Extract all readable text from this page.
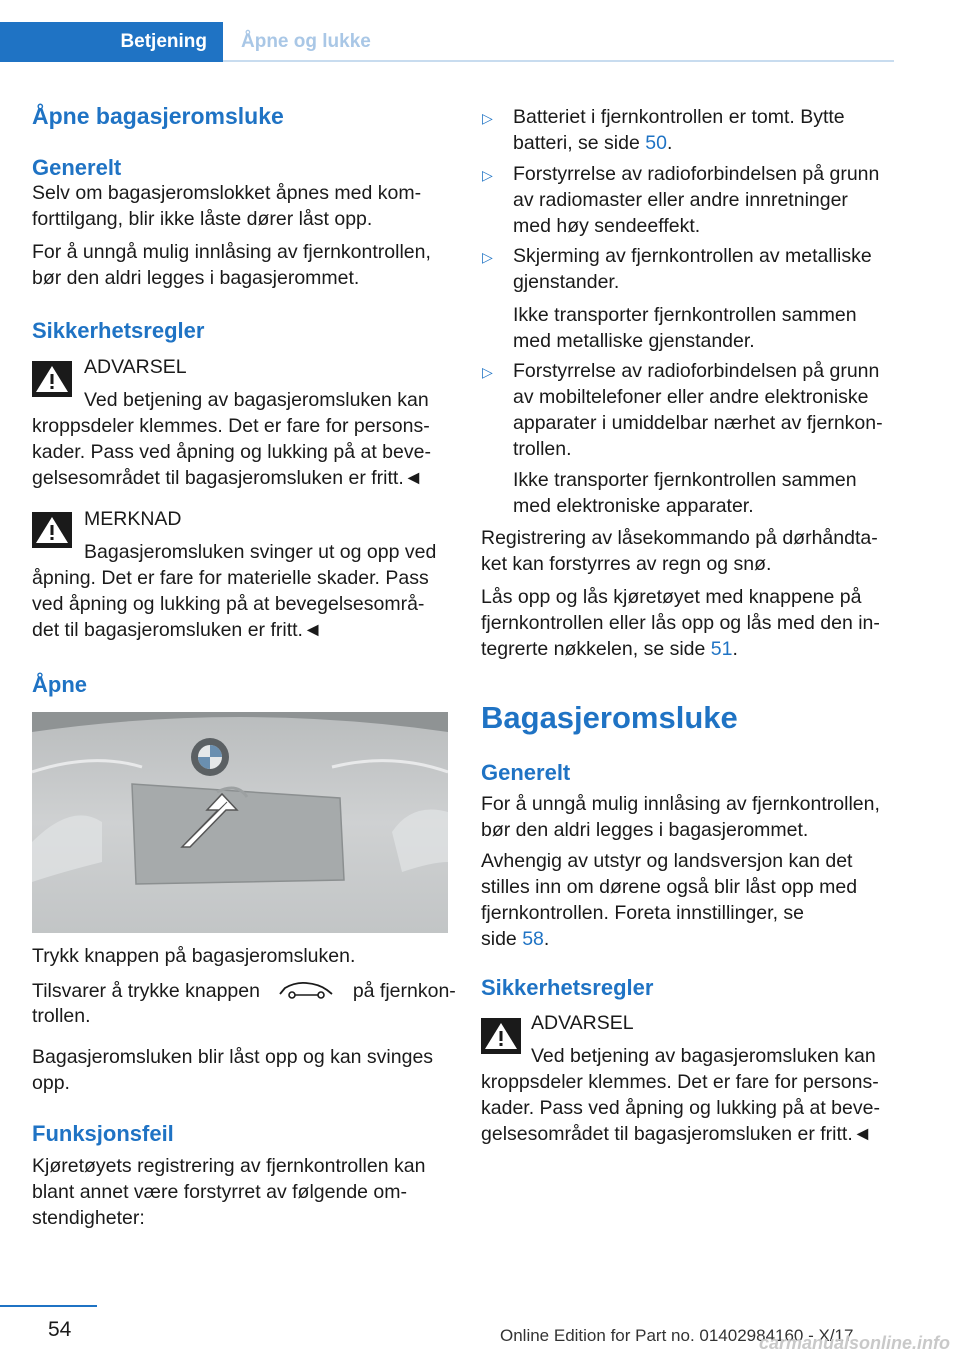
Betjening	Åpne og lukke
Åpne bagasjeromsluke
Generelt
Selv om bagasjeromslokket åpnes med kom-
forttilgang, blir ikke låste dører låst opp.
For å unngå mulig innlåsing av fjernkontrollen,
bør den aldri legges i bagasjerommet.
Sikkerhetsregler
ADVARSEL
Ved betjening av bagasjeromsluken kan
kroppsdeler klemmes. Det er fare for persons-
kader. Pass ved åpning og lukking på at beve-
gelsesområdet til bagasjeromsluken er fritt.◄
MERKNAD
Bagasjeromsluken svinger ut og opp ved
åpning. Det er fare for materielle skader. Pass
ved åpning og lukking på at bevegelsesområ-
det til bagasjeromsluken er fritt.◄
Åpne
Trykk knappen på bagasjeromsluken.
Tilsvarer å trykke knappen	på fjernkon-
trollen.
Bagasjeromsluken blir låst opp og kan svinges
opp.
Funksjonsfeil
Kjøretøyets registrering av fjernkontrollen kan
blant annet være forstyrret av følgende om-
stendigheter:
▷ Batteriet i fjernkontrollen er tomt. Bytte
batteri, se side 50.
▷ Forstyrrelse av radioforbindelsen på grunn
av radiomaster eller andre innretninger
med høy sendeeffekt.
▷ Skjerming av fjernkontrollen av metalliske
gjenstander.
Ikke transporter fjernkontrollen sammen
med metalliske gjenstander.
▷ Forstyrrelse av radioforbindelsen på grunn
av mobiltelefoner eller andre elektroniske
apparater i umiddelbar nærhet av fjernkon-
trollen.
Ikke transporter fjernkontrollen sammen
med elektroniske apparater.
Registrering av låsekommando på dørhåndta-
ket kan forstyrres av regn og snø.
Lås opp og lås kjøretøyet med knappene på
fjernkontrollen eller lås opp og lås med den in-
tegrerte nøkkelen, se side 51.
Bagasjeromsluke
Generelt
For å unngå mulig innlåsing av fjernkontrollen,
bør den aldri legges i bagasjerommet.
Avhengig av utstyr og landsversjon kan det
stilles inn om dørene også blir låst opp med
fjernkontrollen. Foreta innstillinger, se
side 58.
Sikkerhetsregler
ADVARSEL
Ved betjening av bagasjeromsluken kan
kroppsdeler klemmes. Det er fare for persons-
kader. Pass ved åpning og lukking på at beve-
gelsesområdet til bagasjeromsluken er fritt.◄
54	Online Edition for Part no. 01402984160 - X/17
carmanualsonline.info
